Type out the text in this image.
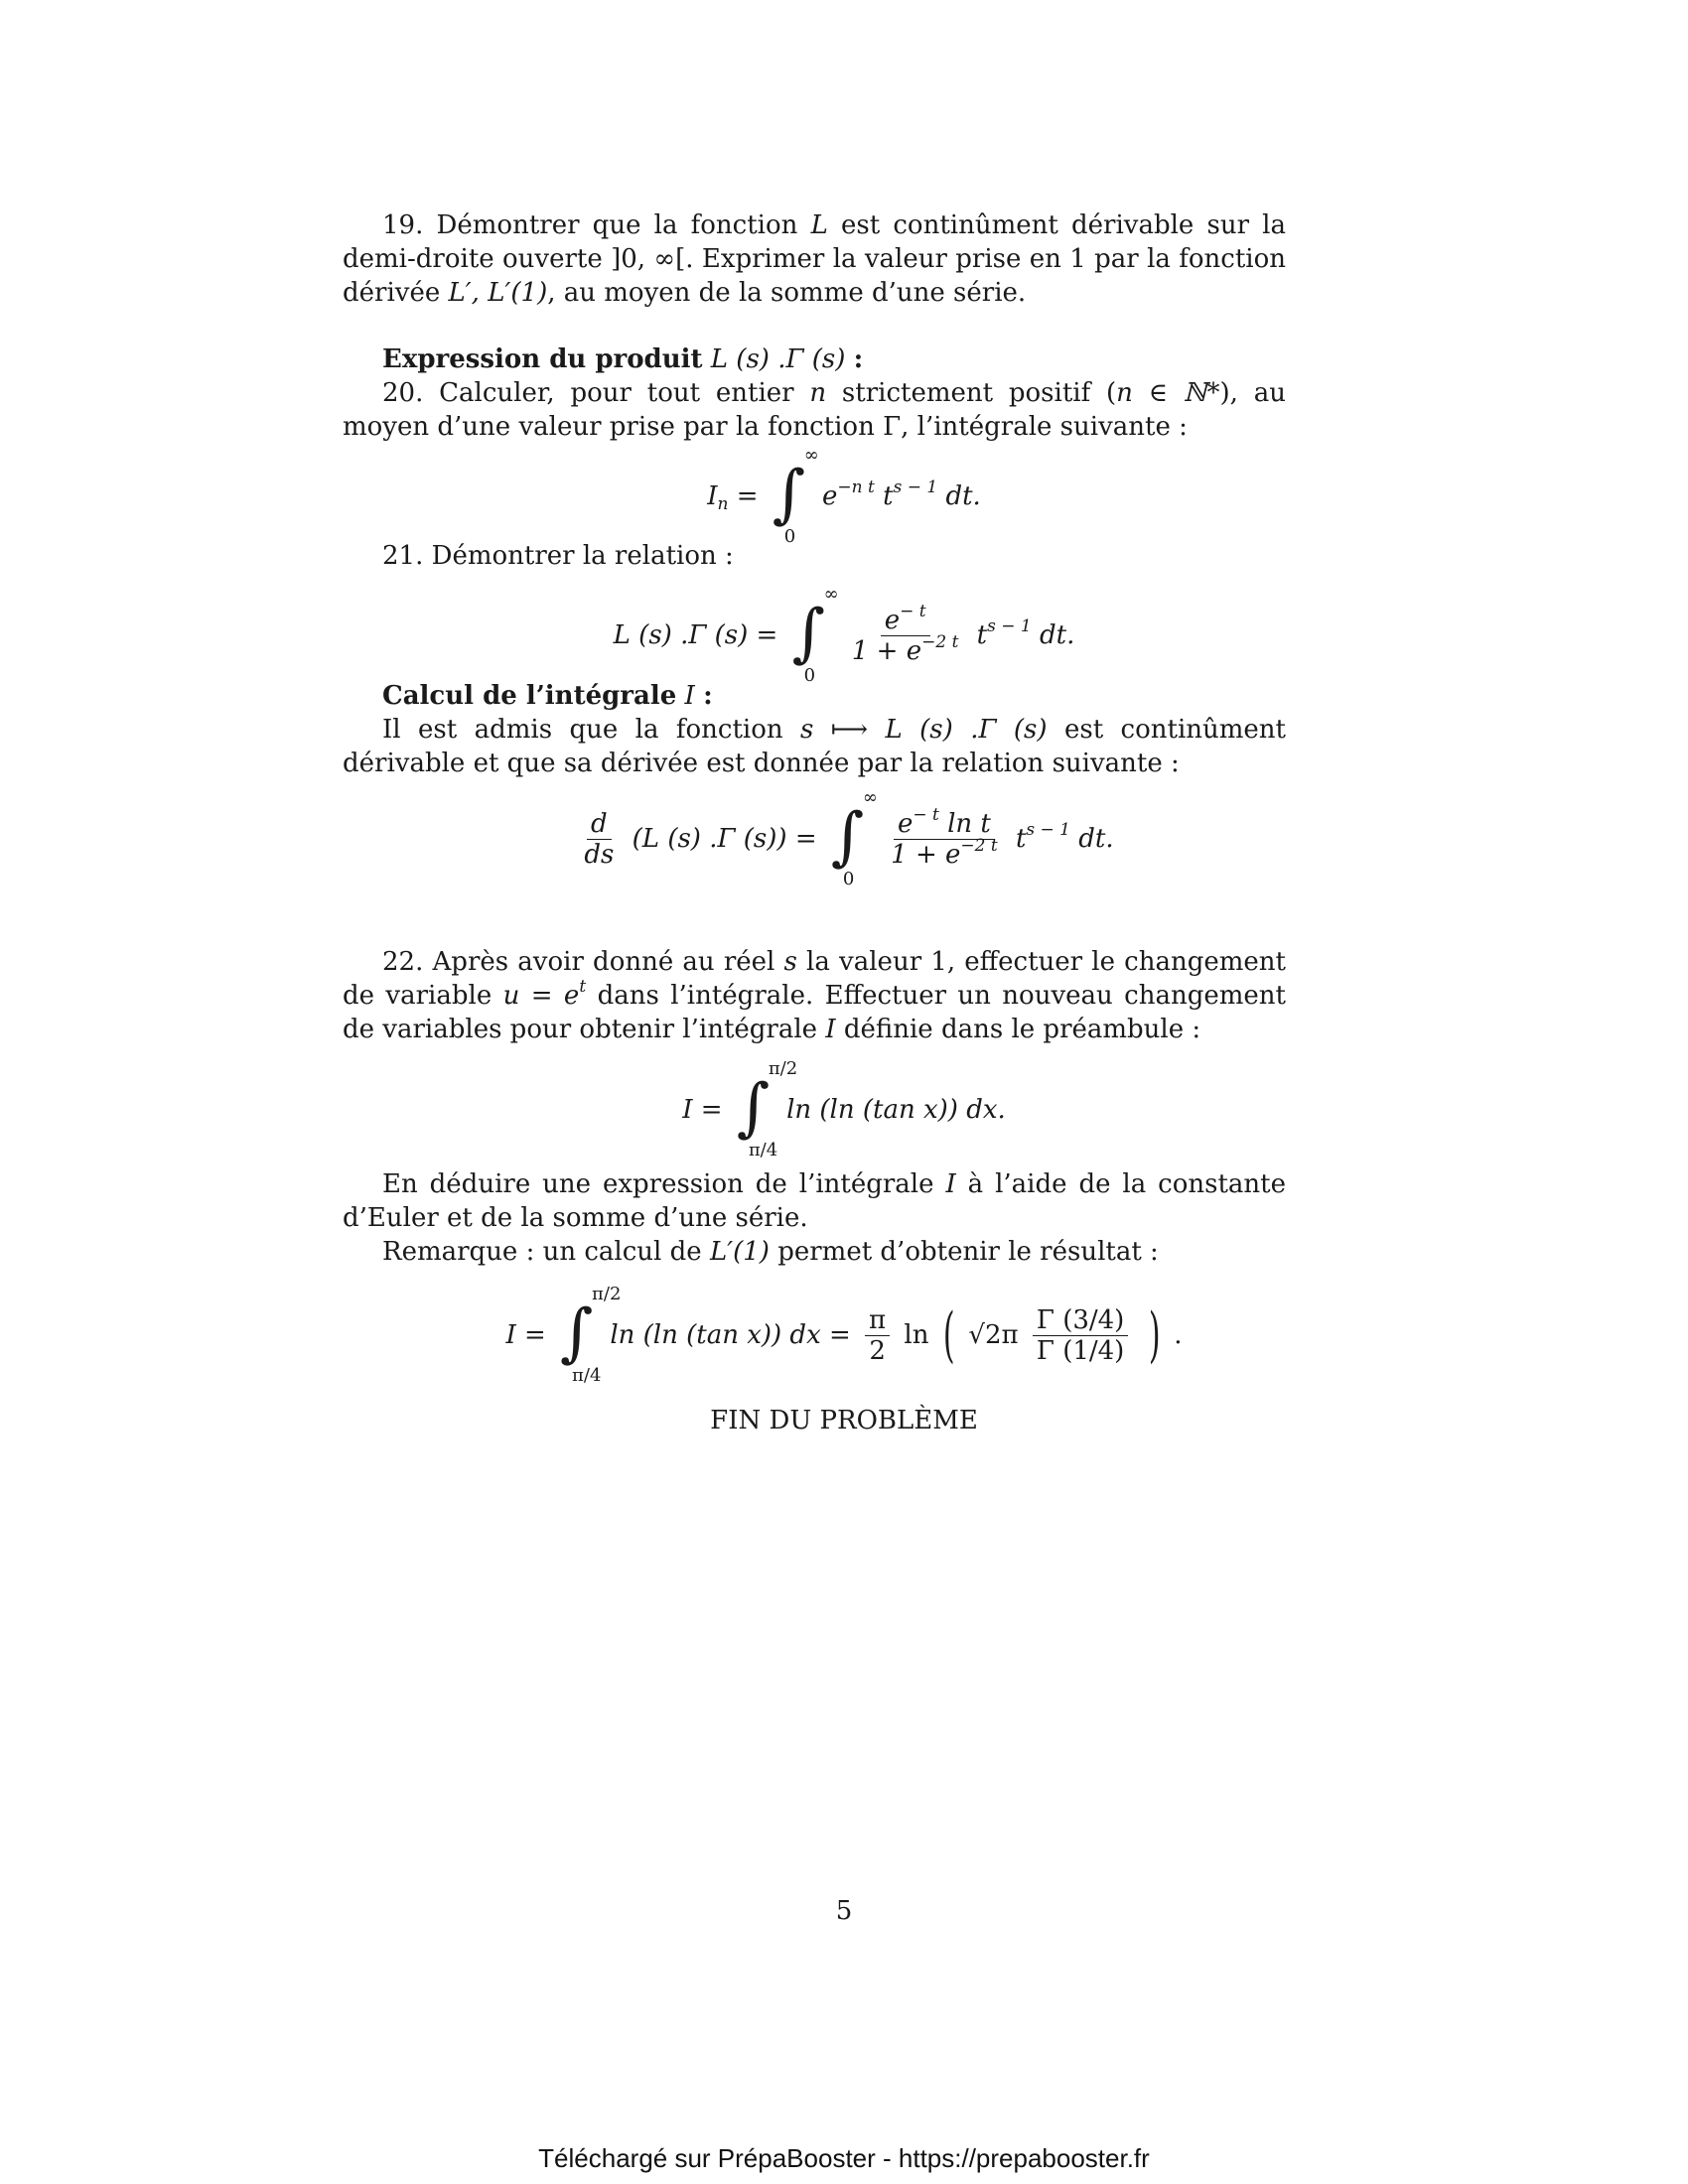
19. Démontrer que la fonction L est continûment dérivable sur la demi-droite ouverte ]0, ∞[. Exprimer la valeur prise en 1 par la fonction dérivée L′, L′(1), au moyen de la somme d’une série.

Expression du produit L (s) .Γ (s) :

20. Calculer, pour tout entier n strictement positif (n ∈ ℕ*), au moyen d’une valeur prise par la fonction Γ, l’intégrale suivante :

$I_n$ = ∫
∞
0
$e^{-n t}$ $t^{s - 1}$ dt.

21. Démontrer la relation :

L (s) .Γ (s) = ∫
∞
0

$\frac{e^{- t}}{1 + e^{-2 t}} t^{s - 1}$ dt.

Calcul de l’intégrale I :

Il est admis que la fonction s ⟼ L (s) .Γ (s) est continûment dérivable et que sa dérivée est donnée par la relation suivante :

$\frac{d}{ds} (L$ (s) .Γ (s)) = ∫
∞
0

$\frac{e^{- t} \ln t}{1 + e^{-2 t}} t^{s - 1}$ dt.

22. Après avoir donné au réel s la valeur 1, effectuer le changement de variable $u = e^t$ dans l’intégrale. Effectuer un nouveau changement de variables pour obtenir l’intégrale I définie dans le préambule :

I = ∫
π/2
π/4
ln (ln (tan x)) dx.

En déduire une expression de l’intégrale I à l’aide de la constante d’Euler et de la somme d’une série.

Remarque : un calcul de L′(1) permet d’obtenir le résultat :

I = ∫
π/2
π/4
ln (ln (tan x)) dx = $\frac{\pi}{2}$ ln ( $√2\pi \frac{\Gamma (3/4)}{\Gamma (1/4)}$ ) .
FIN DU PROBLÈME
5
Téléchargé sur PrépaBooster - https://prepabooster.fr
